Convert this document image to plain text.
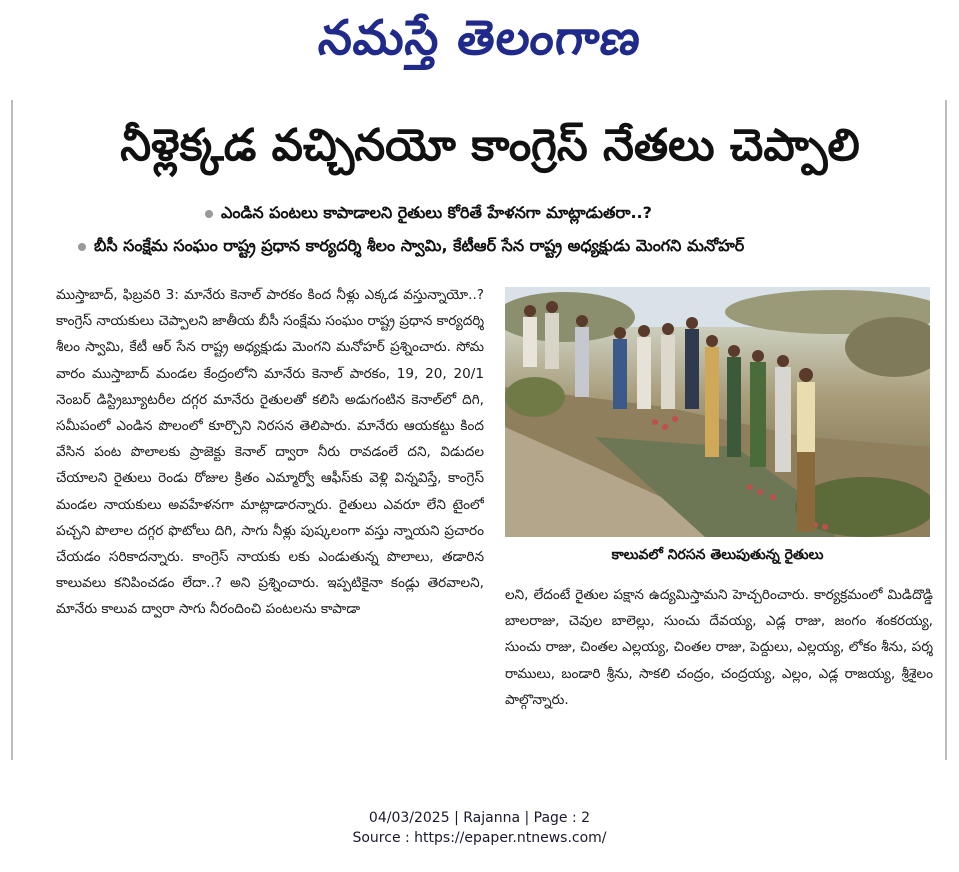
నమస్తే తెలంగాణ
నీళ్లెక్కడ వచ్చినయో కాంగ్రెస్ నేతలు చెప్పాలి
ఎండిన పంటలు కాపాడాలని రైతులు కోరితే హేళనగా మాట్లాడుతరా..?
బీసీ సంక్షేమ సంఘం రాష్ట్ర ప్రధాన కార్యదర్శి శీలం స్వామి, కేటీఆర్ సేన రాష్ట్ర అధ్యక్షుడు మెంగని మనోహర్

ముస్తాబాద్, ఫిబ్రవరి 3: మానేరు కెనాల్ పారకం కింద నీళ్లు ఎక్కడ వస్తున్నాయో..? కాంగ్రెస్ నాయకులు చెప్పాలని జాతీయ బీసీ సంక్షేమ సంఘం రాష్ట్ర ప్రధాన కార్యదర్శి శీలం స్వామి, కేటీ ఆర్ సేన రాష్ట్ర అధ్యక్షుడు మెంగని మనోహర్ ప్రశ్నించారు. సోమ వారం ముస్తాబాద్ మండల కేంద్రంలోని మానేరు కెనాల్ పారకం, 19, 20, 20/1 నెంబర్ డిస్ట్రిబ్యూటరీల దగ్గర మానేరు రైతులతో కలిసి అడుగంటిన కెనాల్‌లో దిగి, సమీపంలో ఎండిన పొలంలో కూర్చొని నిరసన తెలిపారు. మానేరు ఆయకట్టు కింద వేసిన పంట పొలాలకు ప్రాజెక్టు కెనాల్ ద్వారా నీరు రావడంలే దని, విడుదల చేయాలని రైతులు రెండు రోజుల క్రితం ఎమ్మార్వో ఆఫీస్‌కు వెళ్లి విన్నవిస్తే, కాంగ్రెస్ మండల నాయకులు అవహేళనగా మాట్లాడారన్నారు. రైతులు ఎవరూ లేని టైంలో పచ్చని పొలాల దగ్గర ఫొటోలు దిగి, సాగు నీళ్లు పుష్కలంగా వస్తు న్నాయని ప్రచారం చేయడం సరికాదన్నారు. కాంగ్రెస్ నాయకు లకు ఎండుతున్న పొలాలు, తడారిన కాలువలు కనిపించడం లేదా..? అని ప్రశ్నించారు. ఇప్పటికైనా కండ్లు తెరవాలని, మానేరు కాలువ ద్వారా సాగు నీరందించి పంటలను కాపాడా

కాలువలో నిరసన తెలుపుతున్న రైతులు

లని, లేదంటే రైతుల పక్షాన ఉద్యమిస్తామని హెచ్చరించారు. కార్యక్రమంలో మిడిదొడ్డి బాలరాజు, చెవుల బాలెల్లు, సుంచు దేవయ్య, ఎడ్ల రాజు, జంగం శంకరయ్య, సుంచు రాజు, చింతల ఎల్లయ్య, చింతల రాజు, పెద్దులు, ఎల్లయ్య, లోకం శీను, పర్శ రాములు, బండారి శ్రీను, సాకలి చంద్రం, చంద్రయ్య, ఎల్లం, ఎడ్ల రాజయ్య, శ్రీశైలం పాల్గొన్నారు.

04/03/2025 | Rajanna | Page : 2
Source : https://epaper.ntnews.com/
